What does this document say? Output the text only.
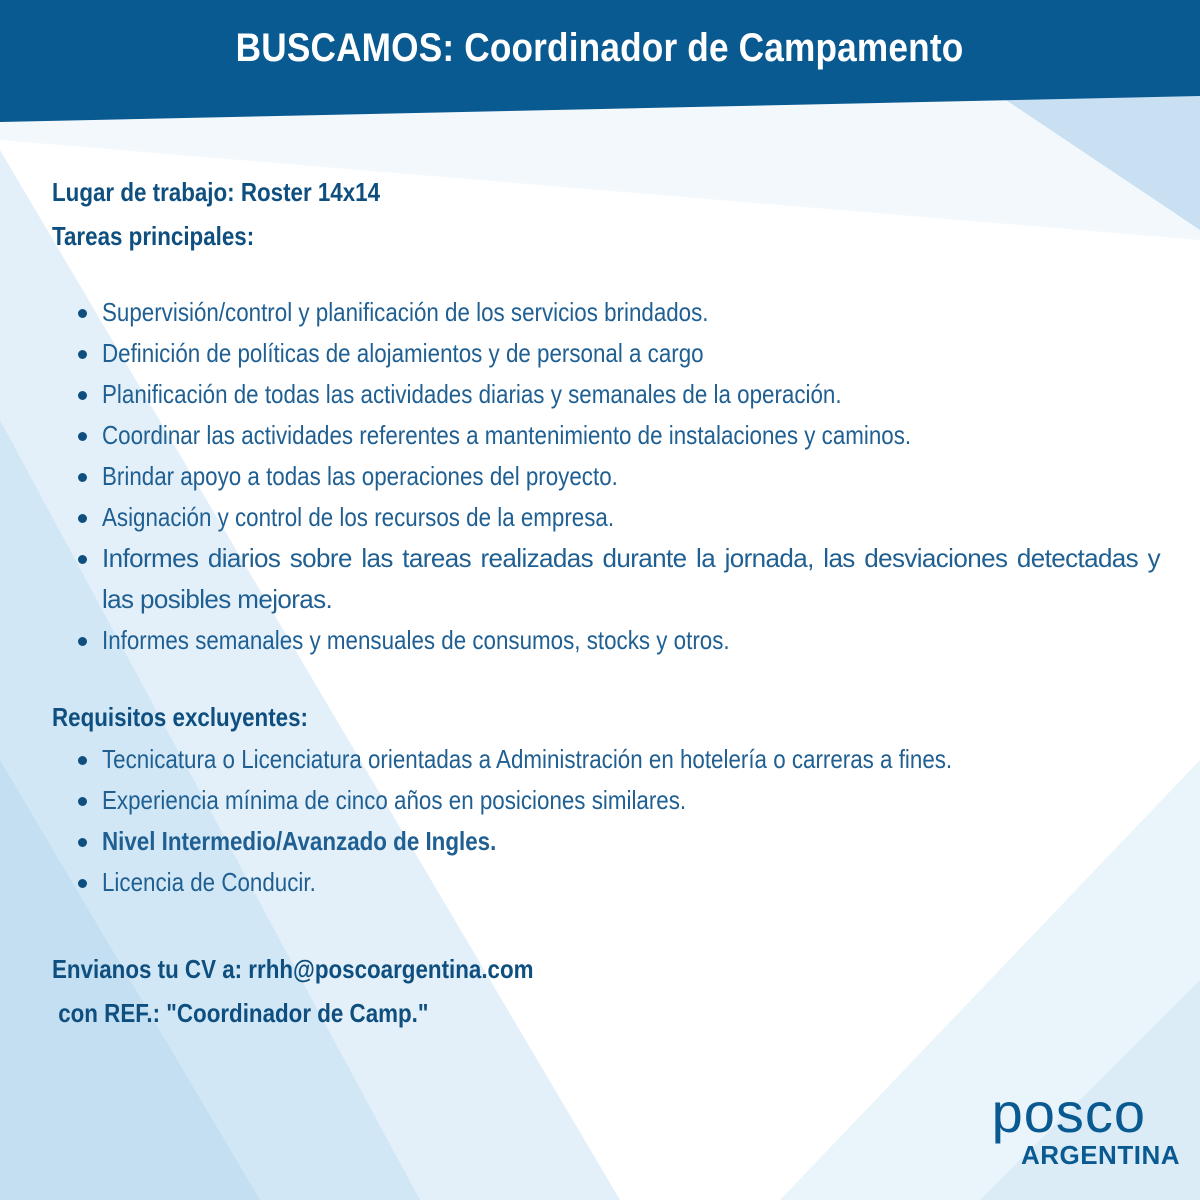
BUSCAMOS: Coordinador de Campamento
Lugar de trabajo: Roster 14x14
Tareas principales:
Supervisión/control y planificación de los servicios brindados.
Definición de políticas de alojamientos y de personal a cargo
Planificación de todas las actividades diarias y semanales de la operación.
Coordinar las actividades referentes a mantenimiento de instalaciones y caminos.
Brindar apoyo a todas las operaciones del proyecto.
Asignación y control de los recursos de la empresa.
Informes diarios sobre las tareas realizadas durante la jornada, las desviaciones detectadas y las posibles mejoras.
Informes semanales y mensuales de consumos, stocks y otros.
Requisitos excluyentes:
Tecnicatura o Licenciatura orientadas a Administración en hotelería o carreras a fines.
Experiencia mínima de cinco años en posiciones similares.
Nivel Intermedio/Avanzado de Ingles.
Licencia de Conducir.
Envianos tu CV a: rrhh@poscoargentina.com
con REF.: "Coordinador de Camp."
posco
ARGENTINA
